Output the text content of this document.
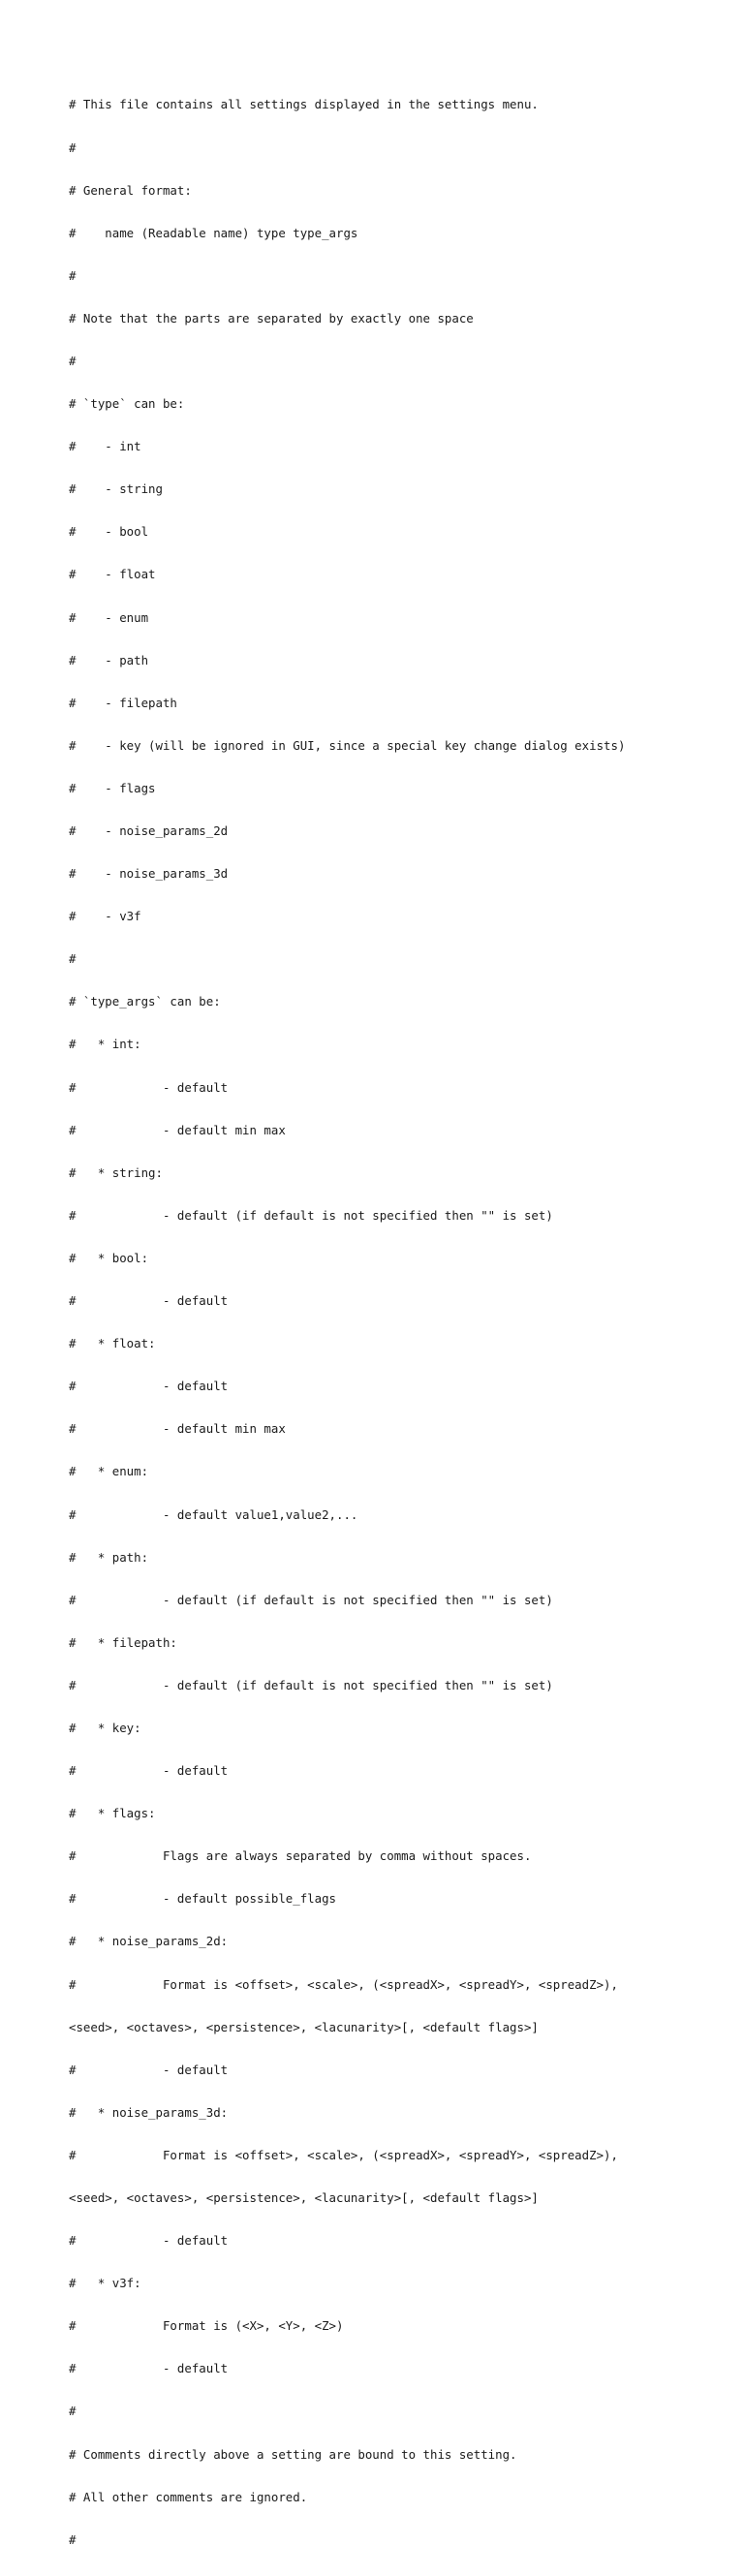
# This file contains all settings displayed in the settings menu.

#

# General format:

#    name (Readable name) type type_args

#

# Note that the parts are separated by exactly one space

#

# `type` can be:

#    - int

#    - string

#    - bool

#    - float

#    - enum

#    - path

#    - filepath

#    - key (will be ignored in GUI, since a special key change dialog exists)

#    - flags

#    - noise_params_2d

#    - noise_params_3d

#    - v3f

#

# `type_args` can be:

#   * int:

#            - default

#            - default min max

#   * string:

#            - default (if default is not specified then "" is set)

#   * bool:

#            - default

#   * float:

#            - default

#            - default min max

#   * enum:

#            - default value1,value2,...

#   * path:

#            - default (if default is not specified then "" is set)

#   * filepath:

#            - default (if default is not specified then "" is set)

#   * key:

#            - default

#   * flags:

#            Flags are always separated by comma without spaces.

#            - default possible_flags

#   * noise_params_2d:

#            Format is <offset>, <scale>, (<spreadX>, <spreadY>, <spreadZ>),

<seed>, <octaves>, <persistence>, <lacunarity>[, <default flags>]

#            - default

#   * noise_params_3d:

#            Format is <offset>, <scale>, (<spreadX>, <spreadY>, <spreadZ>),

<seed>, <octaves>, <persistence>, <lacunarity>[, <default flags>]

#            - default

#   * v3f:

#            Format is (<X>, <Y>, <Z>)

#            - default

#

# Comments directly above a setting are bound to this setting.

# All other comments are ignored.

#
